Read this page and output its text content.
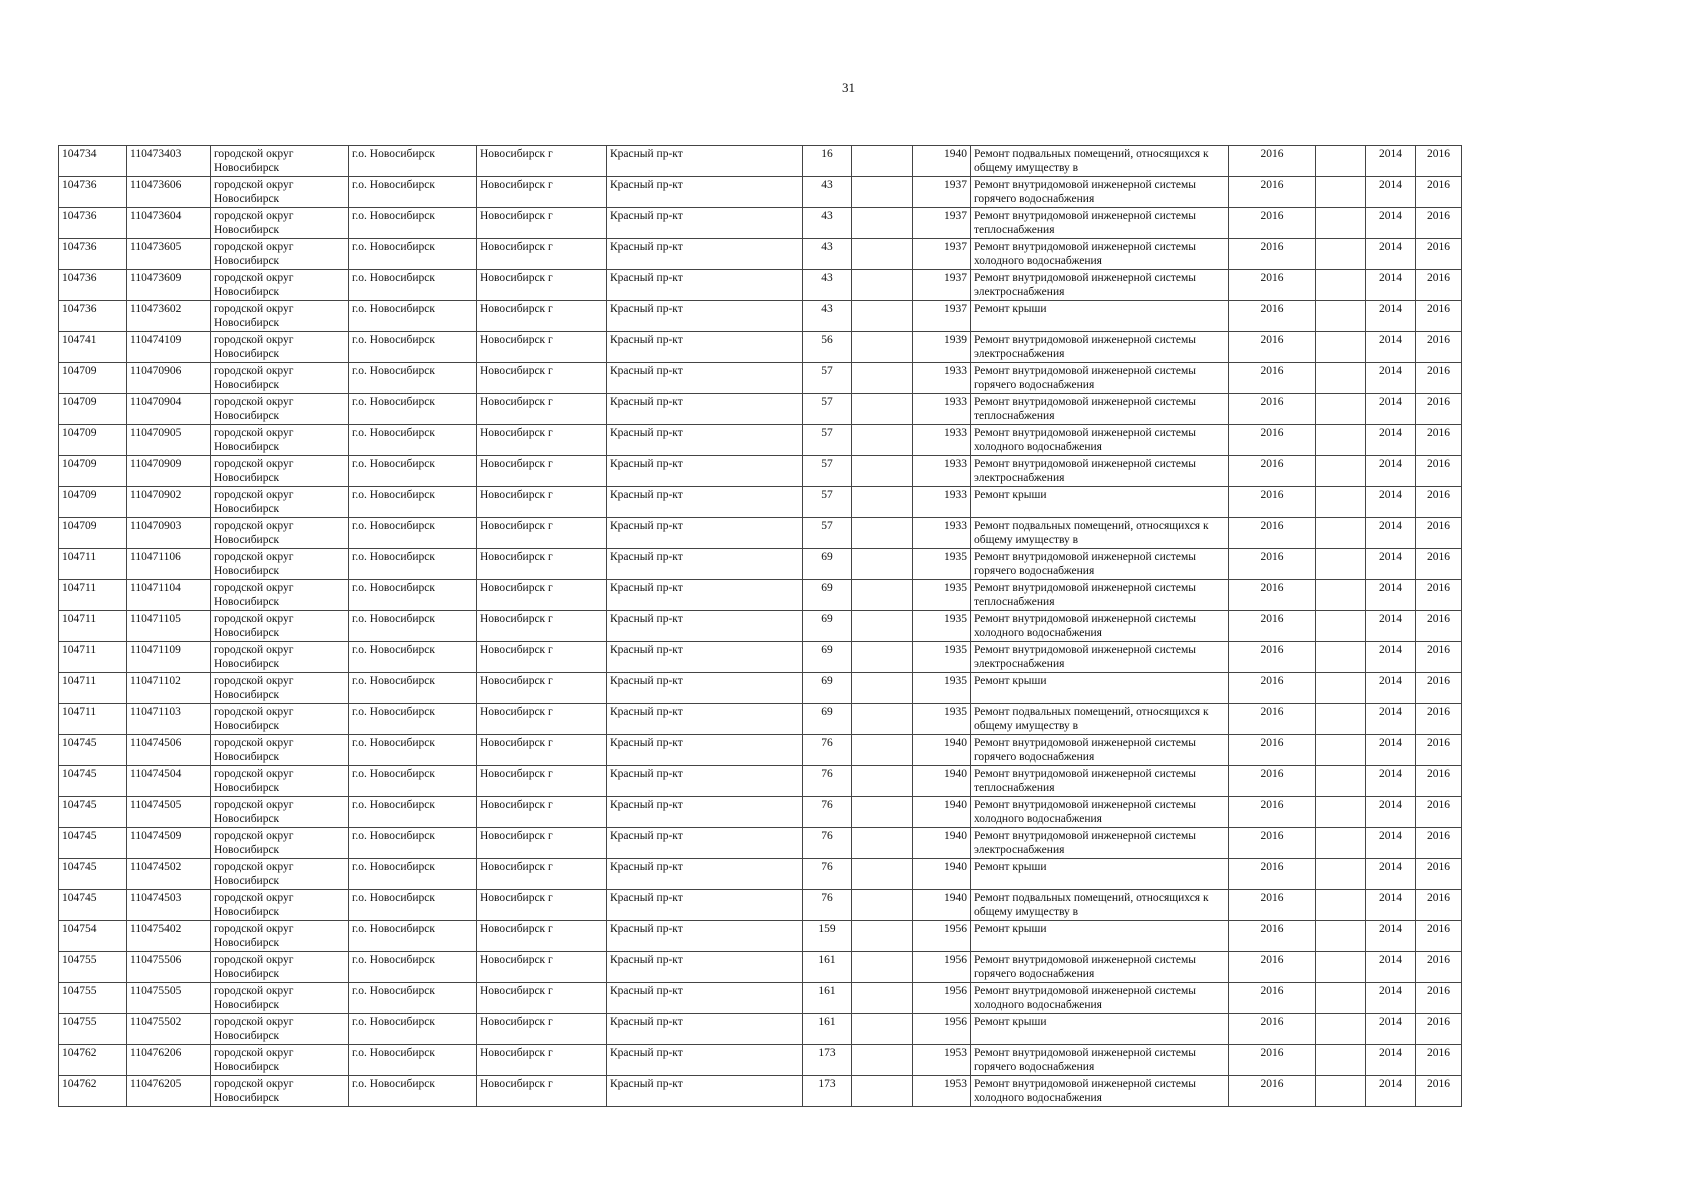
31
104734	110473403	городской округ Новосибирск	г.о. Новосибирск	Новосибирск г	Красный пр-кт	16		1940	Ремонт подвальных помещений, относящихся к общему имуществу в	2016		2014	2016
104736	110473606	городской округ Новосибирск	г.о. Новосибирск	Новосибирск г	Красный пр-кт	43		1937	Ремонт внутридомовой инженерной системы горячего водоснабжения	2016		2014	2016
104736	110473604	городской округ Новосибирск	г.о. Новосибирск	Новосибирск г	Красный пр-кт	43		1937	Ремонт внутридомовой инженерной системы теплоснабжения	2016		2014	2016
104736	110473605	городской округ Новосибирск	г.о. Новосибирск	Новосибирск г	Красный пр-кт	43		1937	Ремонт внутридомовой инженерной системы холодного водоснабжения	2016		2014	2016
104736	110473609	городской округ Новосибирск	г.о. Новосибирск	Новосибирск г	Красный пр-кт	43		1937	Ремонт внутридомовой инженерной системы электроснабжения	2016		2014	2016
104736	110473602	городской округ Новосибирск	г.о. Новосибирск	Новосибирск г	Красный пр-кт	43		1937	Ремонт крыши	2016		2014	2016
104741	110474109	городской округ Новосибирск	г.о. Новосибирск	Новосибирск г	Красный пр-кт	56		1939	Ремонт внутридомовой инженерной системы электроснабжения	2016		2014	2016
104709	110470906	городской округ Новосибирск	г.о. Новосибирск	Новосибирск г	Красный пр-кт	57		1933	Ремонт внутридомовой инженерной системы горячего водоснабжения	2016		2014	2016
104709	110470904	городской округ Новосибирск	г.о. Новосибирск	Новосибирск г	Красный пр-кт	57		1933	Ремонт внутридомовой инженерной системы теплоснабжения	2016		2014	2016
104709	110470905	городской округ Новосибирск	г.о. Новосибирск	Новосибирск г	Красный пр-кт	57		1933	Ремонт внутридомовой инженерной системы холодного водоснабжения	2016		2014	2016
104709	110470909	городской округ Новосибирск	г.о. Новосибирск	Новосибирск г	Красный пр-кт	57		1933	Ремонт внутридомовой инженерной системы электроснабжения	2016		2014	2016
104709	110470902	городской округ Новосибирск	г.о. Новосибирск	Новосибирск г	Красный пр-кт	57		1933	Ремонт крыши	2016		2014	2016
104709	110470903	городской округ Новосибирск	г.о. Новосибирск	Новосибирск г	Красный пр-кт	57		1933	Ремонт подвальных помещений, относящихся к общему имуществу в	2016		2014	2016
104711	110471106	городской округ Новосибирск	г.о. Новосибирск	Новосибирск г	Красный пр-кт	69		1935	Ремонт внутридомовой инженерной системы горячего водоснабжения	2016		2014	2016
104711	110471104	городской округ Новосибирск	г.о. Новосибирск	Новосибирск г	Красный пр-кт	69		1935	Ремонт внутридомовой инженерной системы теплоснабжения	2016		2014	2016
104711	110471105	городской округ Новосибирск	г.о. Новосибирск	Новосибирск г	Красный пр-кт	69		1935	Ремонт внутридомовой инженерной системы холодного водоснабжения	2016		2014	2016
104711	110471109	городской округ Новосибирск	г.о. Новосибирск	Новосибирск г	Красный пр-кт	69		1935	Ремонт внутридомовой инженерной системы электроснабжения	2016		2014	2016
104711	110471102	городской округ Новосибирск	г.о. Новосибирск	Новосибирск г	Красный пр-кт	69		1935	Ремонт крыши	2016		2014	2016
104711	110471103	городской округ Новосибирск	г.о. Новосибирск	Новосибирск г	Красный пр-кт	69		1935	Ремонт подвальных помещений, относящихся к общему имуществу в	2016		2014	2016
104745	110474506	городской округ Новосибирск	г.о. Новосибирск	Новосибирск г	Красный пр-кт	76		1940	Ремонт внутридомовой инженерной системы горячего водоснабжения	2016		2014	2016
104745	110474504	городской округ Новосибирск	г.о. Новосибирск	Новосибирск г	Красный пр-кт	76		1940	Ремонт внутридомовой инженерной системы теплоснабжения	2016		2014	2016
104745	110474505	городской округ Новосибирск	г.о. Новосибирск	Новосибирск г	Красный пр-кт	76		1940	Ремонт внутридомовой инженерной системы холодного водоснабжения	2016		2014	2016
104745	110474509	городской округ Новосибирск	г.о. Новосибирск	Новосибирск г	Красный пр-кт	76		1940	Ремонт внутридомовой инженерной системы электроснабжения	2016		2014	2016
104745	110474502	городской округ Новосибирск	г.о. Новосибирск	Новосибирск г	Красный пр-кт	76		1940	Ремонт крыши	2016		2014	2016
104745	110474503	городской округ Новосибирск	г.о. Новосибирск	Новосибирск г	Красный пр-кт	76		1940	Ремонт подвальных помещений, относящихся к общему имуществу в	2016		2014	2016
104754	110475402	городской округ Новосибирск	г.о. Новосибирск	Новосибирск г	Красный пр-кт	159		1956	Ремонт крыши	2016		2014	2016
104755	110475506	городской округ Новосибирск	г.о. Новосибирск	Новосибирск г	Красный пр-кт	161		1956	Ремонт внутридомовой инженерной системы горячего водоснабжения	2016		2014	2016
104755	110475505	городской округ Новосибирск	г.о. Новосибирск	Новосибирск г	Красный пр-кт	161		1956	Ремонт внутридомовой инженерной системы холодного водоснабжения	2016		2014	2016
104755	110475502	городской округ Новосибирск	г.о. Новосибирск	Новосибирск г	Красный пр-кт	161		1956	Ремонт крыши	2016		2014	2016
104762	110476206	городской округ Новосибирск	г.о. Новосибирск	Новосибирск г	Красный пр-кт	173		1953	Ремонт внутридомовой инженерной системы горячего водоснабжения	2016		2014	2016
104762	110476205	городской округ Новосибирск	г.о. Новосибирск	Новосибирск г	Красный пр-кт	173		1953	Ремонт внутридомовой инженерной системы холодного водоснабжения	2016		2014	2016
